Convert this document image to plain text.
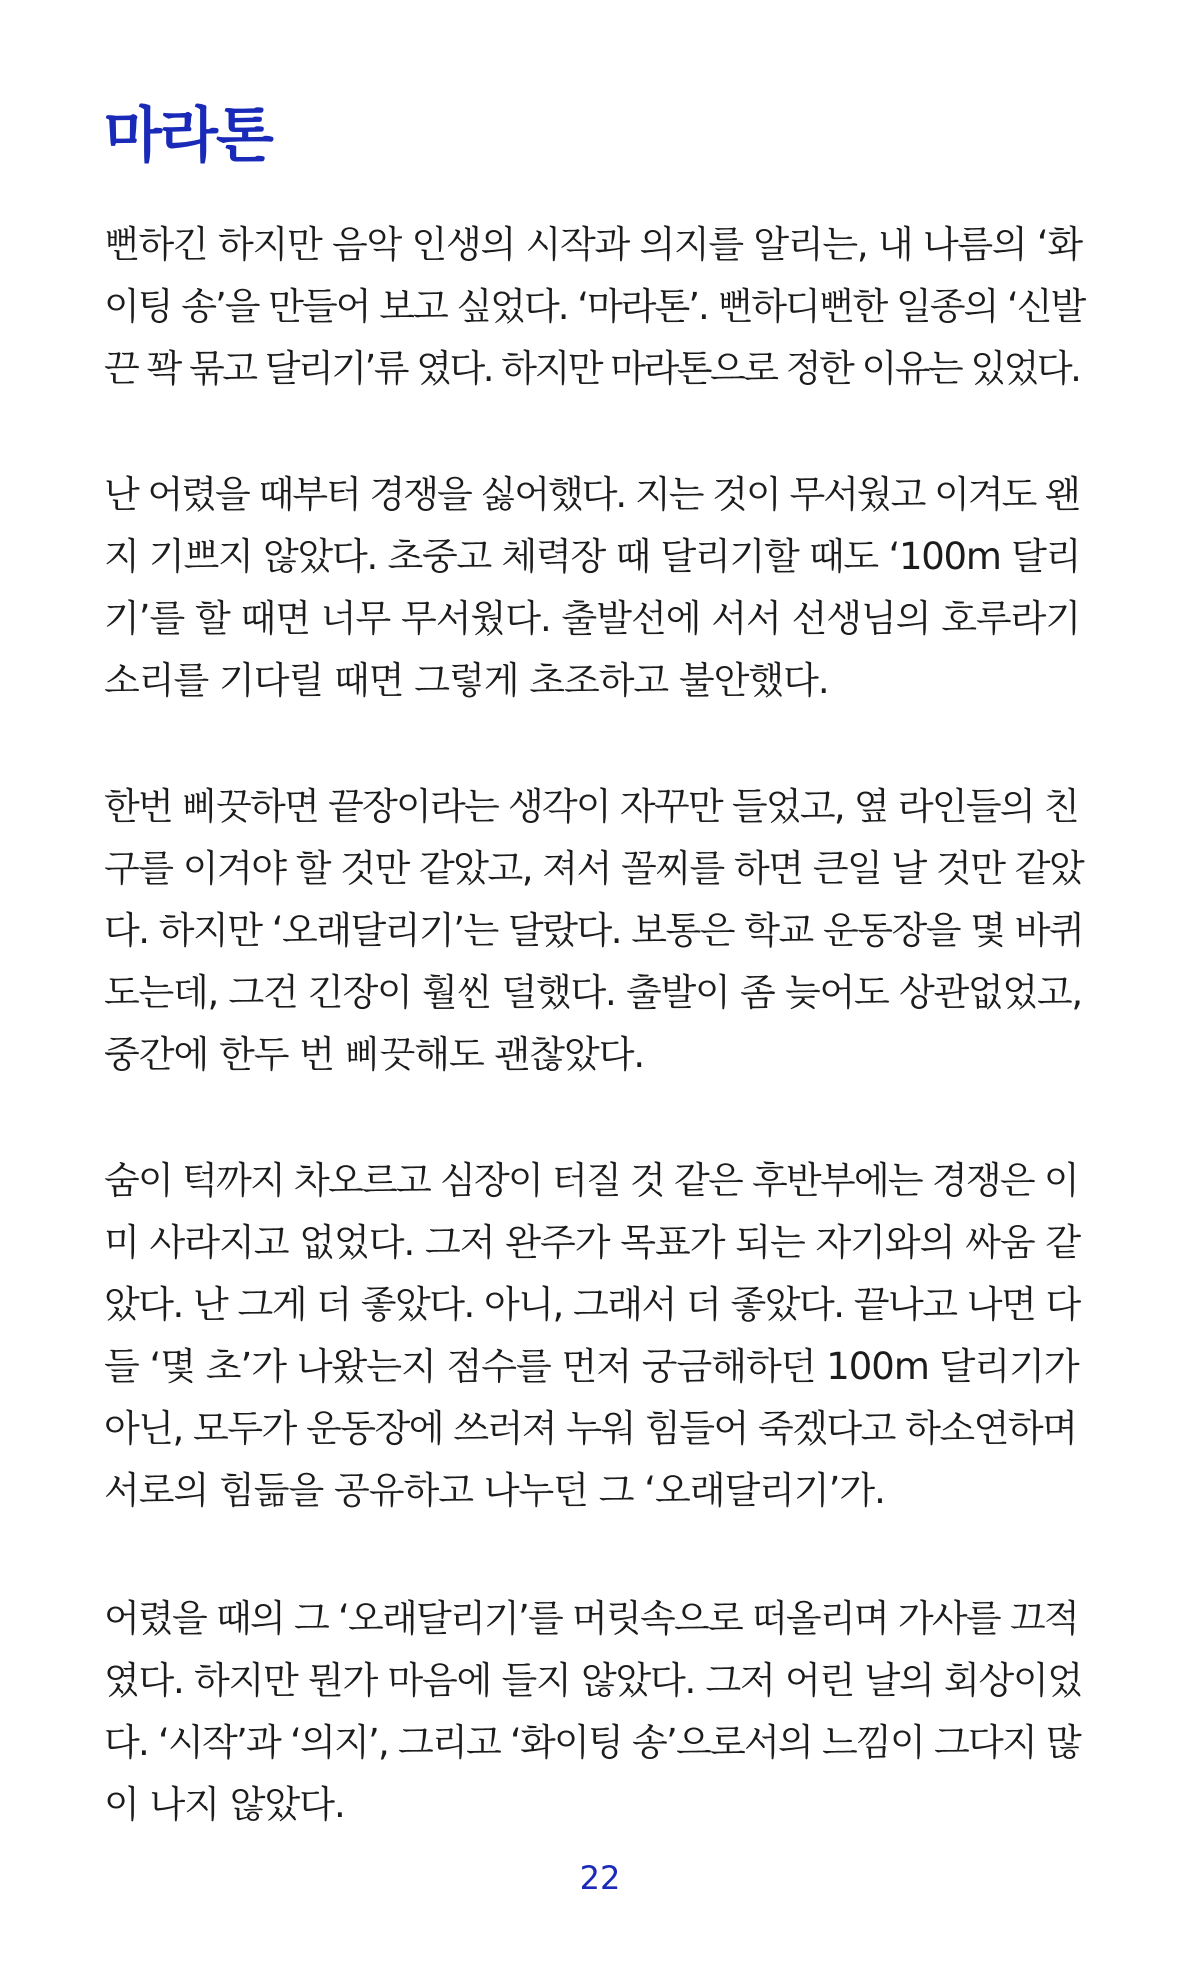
마라톤

뻔하긴 하지만 음악 인생의 시작과 의지를 알리는, 내 나름의 ‘화
이팅 송’을 만들어 보고 싶었다. ‘마라톤’. 뻔하디뻔한 일종의 ‘신발
끈 꽉 묶고 달리기’류 였다. 하지만 마라톤으로 정한 이유는 있었다.

난 어렸을 때부터 경쟁을 싫어했다. 지는 것이 무서웠고 이겨도 왠
지 기쁘지 않았다. 초중고 체력장 때 달리기할 때도 ‘100m 달리
기’를 할 때면 너무 무서웠다. 출발선에 서서 선생님의 호루라기
소리를 기다릴 때면 그렇게 초조하고 불안했다.

한번 삐끗하면 끝장이라는 생각이 자꾸만 들었고, 옆 라인들의 친
구를 이겨야 할 것만 같았고, 져서 꼴찌를 하면 큰일 날 것만 같았
다. 하지만 ‘오래달리기’는 달랐다. 보통은 학교 운동장을 몇 바퀴
도는데, 그건 긴장이 훨씬 덜했다. 출발이 좀 늦어도 상관없었고,
중간에 한두 번 삐끗해도 괜찮았다.

숨이 턱까지 차오르고 심장이 터질 것 같은 후반부에는 경쟁은 이
미 사라지고 없었다. 그저 완주가 목표가 되는 자기와의 싸움 같
았다. 난 그게 더 좋았다. 아니, 그래서 더 좋았다. 끝나고 나면 다
들 ‘몇 초’가 나왔는지 점수를 먼저 궁금해하던 100m 달리기가
아닌, 모두가 운동장에 쓰러져 누워 힘들어 죽겠다고 하소연하며
서로의 힘듦을 공유하고 나누던 그 ‘오래달리기’가.

어렸을 때의 그 ‘오래달리기’를 머릿속으로 떠올리며 가사를 끄적
였다. 하지만 뭔가 마음에 들지 않았다. 그저 어린 날의 회상이었
다. ‘시작’과 ‘의지’, 그리고 ‘화이팅 송’으로서의 느낌이 그다지 많
이 나지 않았다.

22
